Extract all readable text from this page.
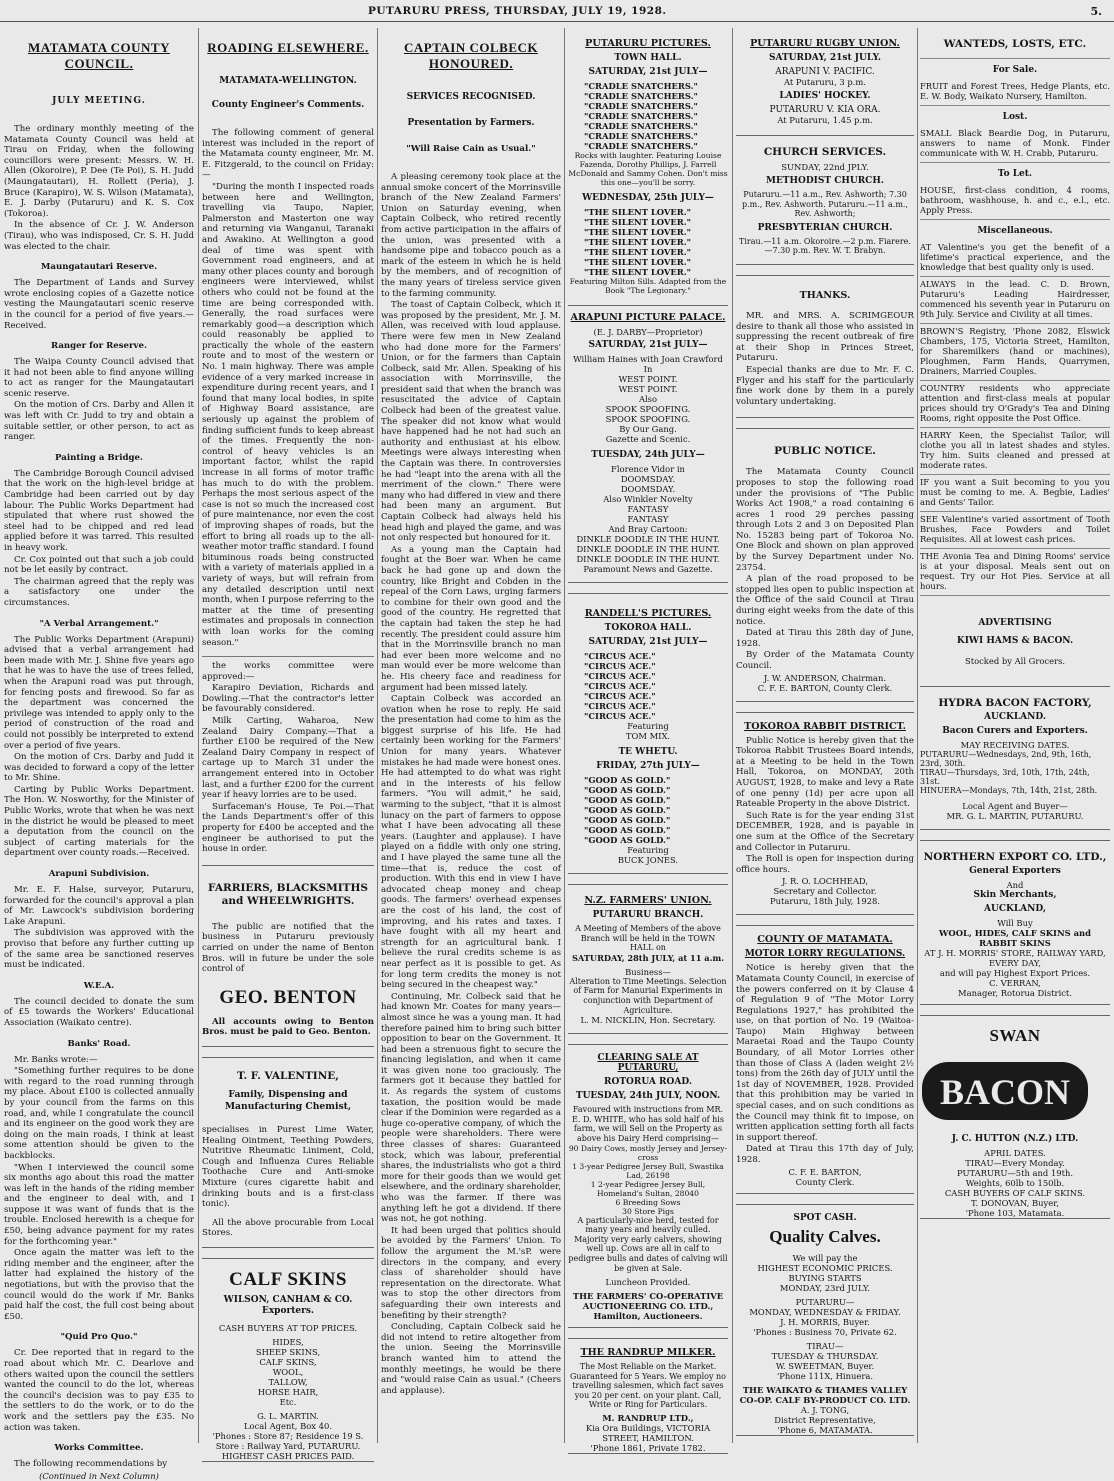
PUTARURU PRESS, THURSDAY, JULY 19, 1928.	5.
MATAMATA COUNTY COUNCIL.
JULY MEETING.

The ordinary monthly meeting of the Matamata County Council was held at Tirau on Friday, when the following councillors were present: Messrs. W. H. Allen (Okoroire), P. Dee (Te Poi), S. H. Judd (Maungatautari), H. Rollett (Peria), J. Bruce (Karapiro), W. S. Wilson (Matamata), E. J. Darby (Putaruru) and K. S. Cox (Tokoroa).

In the absence of Cr. J. W. Anderson (Tirau), who was indisposed, Cr. S. H. Judd was elected to the chair.

Maungatautari Reserve.

The Department of Lands and Survey wrote enclosing copies of a Gazette notice vesting the Maungatautari scenic reserve in the council for a period of five years.—Received.

Ranger for Reserve.

The Waipa County Council advised that it had not been able to find anyone willing to act as ranger for the Maungatautari scenic reserve.

On the motion of Crs. Darby and Allen it was left with Cr. Judd to try and obtain a suitable settler, or other person, to act as ranger.

Painting a Bridge.

The Cambridge Borough Council advised that the work on the high-level bridge at Cambridge had been carried out by day labour. The Public Works Department had stipulated that where rust showed the steel had to be chipped and red lead applied before it was tarred. This resulted in heavy work.

Cr. Cox pointed out that such a job could not be let easily by contract.

The chairman agreed that the reply was a satisfactory one under the circumstances.

"A Verbal Arrangement."

The Public Works Department (Arapuni) advised that a verbal arrangement had been made with Mr. J. Shine five years ago that he was to have the use of trees felled, when the Arapuni road was put through, for fencing posts and firewood. So far as the department was concerned the privilege was intended to apply only to the period of construction of the road and could not possibly be interpreted to extend over a period of five years.

On the motion of Crs. Darby and Judd it was decided to forward a copy of the letter to Mr. Shine.

Carting by Public Works Department. The Hon. W. Nosworthy, for the Minister of Public Works, wrote that when he was next in the district he would be pleased to meet a deputation from the council on the subject of carting materials for the department over county roads.—Received.

Arapuni Subdivision.

Mr. E. F. Halse, surveyor, Putaruru, forwarded for the council's approval a plan of Mr. Lawcock's subdivision bordering Lake Arapuni.

The subdivision was approved with the proviso that before any further cutting up of the same area be sanctioned reserves must be indicated.

W.E.A.

The council decided to donate the sum of £5 towards the Workers' Educational Association (Waikato centre).

Banks' Road.

Mr. Banks wrote:—

"Something further requires to be done with regard to the road running through my place. About £100 is collected annually by your council from the farms on this road, and, while I congratulate the council and its engineer on the good work they are doing on the main roads, I think at least some attention should be given to the backblocks.

"When I interviewed the council some six months ago about this road the matter was left in the hands of the riding member and the engineer to deal with, and I suppose it was want of funds that is the trouble. Enclosed herewith is a cheque for £50, being advance payment for my rates for the forthcoming year."

Once again the matter was left to the riding member and the engineer, after the latter had explained the history of the negotiations, but with the proviso that the council would do the work if Mr. Banks paid half the cost, the full cost being about £50.

"Quid Pro Quo."

Cr. Dee reported that in regard to the road about which Mr. C. Dearlove and others waited upon the council the settlers wanted the council to do the lot, whereas the council's decision was to pay £35 to the settlers to do the work, or to do the work and the settlers pay the £35. No action was taken.

Works Committee.

The following recommendations by

(Continued in Next Column)
ROADING ELSEWHERE.
MATAMATA-WELLINGTON.
County Engineer's Comments.

The following comment of general interest was included in the report of the Matamata county engineer, Mr. M. E. Fitzgerald, to the council on Friday:—

"During the month I inspected roads between here and Wellington, travelling via Taupo, Napier, Palmerston and Masterton one way and returning via Wanganui, Taranaki and Awakino. At Wellington a good deal of time was spent with Government road engineers, and at many other places county and borough engineers were interviewed, whilst others who could not be found at the time are being corresponded with. Generally, the road surfaces were remarkably good—a description which could reasonably be applied to practically the whole of the eastern route and to most of the western or No. 1 main highway. There was ample evidence of a very marked increase in expenditure during recent years, and I found that many local bodies, in spite of Highway Board assistance, are seriously up against the problem of finding sufficient funds to keep abreast of the times. Frequently the non-control of heavy vehicles is an important factor, whilst the rapid increase in all forms of motor traffic has much to do with the problem. Perhaps the most serious aspect of the case is not so much the increased cost of pure maintenance, nor even the cost of improving shapes of roads, but the effort to bring all roads up to the all-weather motor traffic standard. I found bituminous roads being constructed with a variety of materials applied in a variety of ways, but will refrain from any detailed description until next month, when I purpose referring to the matter at the time of presenting estimates and proposals in connection with loan works for the coming season."

the works committee were approved:—

Karapiro Deviation, Richards and Dowling.—That the contractor's letter be favourably considered.

Milk Carting, Waharoa, New Zealand Dairy Company.—That a further £100 be required of the New Zealand Dairy Company in respect of cartage up to March 31 under the arrangement entered into in October last, and a further £200 for the current year if heavy lorries are to be used.

Surfaceman's House, Te Poi.—That the Lands Department's offer of this property for £400 be accepted and the engineer be authorised to put the house in order.

FARRIERS, BLACKSMITHS and WHEELWRIGHTS.

The public are notified that the business in Putaruru previously carried on under the name of Benton Bros. will in future be under the sole control of

GEO. BENTON

All accounts owing to Benton Bros. must be paid to Geo. Benton.

T. F. VALENTINE,
Family, Dispensing and Manufacturing Chemist,

specialises in Purest Lime Water, Healing Ointment, Teething Powders, Nutritive Rheumatic Liniment, Cold, Cough and Influenza Cures Reliable Toothache Cure and Anti-smoke Mixture (cures cigarette habit and drinking bouts and is a first-class tonic).

All the above procurable from Local Stores.

CALF SKINS
WILSON, CANHAM & CO. Exporters.
CASH BUYERS AT TOP PRICES.
HIDES,
SHEEP SKINS,
CALF SKINS,
WOOL,
TALLOW,
HORSE HAIR,
Etc.
G. L. MARTIN.
Local Agent, Box 40.
'Phones : Store 87; Residence 19 S.
Store : Railway Yard, PUTARURU.
HIGHEST CASH PRICES PAID.
CAPTAIN COLBECK HONOURED.
SERVICES RECOGNISED.
Presentation by Farmers.
"Will Raise Cain as Usual."

A pleasing ceremony took place at the annual smoke concert of the Morrinsville branch of the New Zealand Farmers' Union on Saturday evening, when Captain Colbeck, who retired recently from active participation in the affairs of the union, was presented with a handsome pipe and tobacco pouch as a mark of the esteem in which he is held by the members, and of recognition of the many years of tireless service given to the farming community.

The toast of Captain Colbeck, which it was proposed by the president, Mr. J. M. Allen, was received with loud applause. There were few men in New Zealand who had done more for the Farmers' Union, or for the farmers than Captain Colbeck, said Mr. Allen. Speaking of his association with Morrinsville, the president said that when the branch was resuscitated the advice of Captain Colbeck had been of the greatest value. The speaker did not know what would have happened had he not had such an authority and enthusiast at his elbow. Meetings were always interesting when the Captain was there. In controversies he had "leapt into the arena with all the merriment of the clown." There were many who had differed in view and there had been many an argument. But Captain Colbeck had always held his head high and played the game, and was not only respected but honoured for it.

As a young man the Captain had fought at the Boer war. When he came back he had gone up and down the country, like Bright and Cobden in the repeal of the Corn Laws, urging farmers to combine for their own good and the good of the country. He regretted that the captain had taken the step he had recently. The president could assure him that in the Morrinsville branch no man had ever been more welcome and no man would ever be more welcome than he. His cheery face and readiness for argument had been missed lately.

Captain Colbeck was accorded an ovation when he rose to reply. He said the presentation had come to him as the biggest surprise of his life. He had certainly been working for the Farmers' Union for many years. Whatever mistakes he had made were honest ones. He had attempted to do what was right and in the interests of his fellow farmers. "You will admit," he said, warming to the subject, "that it is almost lunacy on the part of farmers to oppose what I have been advocating all these years. (Laughter and applause). I have played on a fiddle with only one string, and I have played the same tune all the time—that is, reduce the cost of production. With this end in view I have advocated cheap money and cheap goods. The farmers' overhead expenses are the cost of his land, the cost of improving, and his rates and taxes. I have fought with all my heart and strength for an agricultural bank. I believe the rural credits scheme is as near perfect as it is possible to get. As for long term credits the money is not being secured in the cheapest way."

Continuing, Mr. Colbeck said that he had known Mr. Coates for many years—almost since he was a young man. It had therefore pained him to bring such bitter opposition to bear on the Government. It had been a strenuous fight to secure the financing legislation, and when it came it was given none too graciously. The farmers got it because they battled for it. As regards the system of customs taxation, the position would be made clear if the Dominion were regarded as a huge co-operative company, of which the people were shareholders. There were three classes of shares: Guaranteed stock, which was labour, preferential shares, the industrialists who got a third more for their goods than we would get elsewhere, and the ordinary shareholder, who was the farmer. If there was anything left he got a dividend. If there was not, he got nothing.

It had been urged that politics should be avoided by the Farmers' Union. To follow the argument the M.'sP. were directors in the company, and every class of shareholder should have representation on the directorate. What was to stop the other directors from safeguarding their own interests and benefiting by their strength?

Concluding, Captain Colbeck said he did not intend to retire altogether from the union. Seeing the Morrinsville branch wanted him to attend the monthly meetings, he would be there and "would raise Cain as usual." (Cheers and applause).

PUTARURU PICTURES.
TOWN HALL.
SATURDAY, 21st JULY—
"CRADLE SNATCHERS."
"CRADLE SNATCHERS."
"CRADLE SNATCHERS."
"CRADLE SNATCHERS."
"CRADLE SNATCHERS."
"CRADLE SNATCHERS."
"CRADLE SNATCHERS."
Rocks with laughter. Featuring Louise Fazenda, Dorothy Phillips, J. Farrell McDonald and Sammy Cohen. Don't miss this one—you'll be sorry.
WEDNESDAY, 25th JULY—
"THE SILENT LOVER."
"THE SILENT LOVER."
"THE SILENT LOVER."
"THE SILENT LOVER."
"THE SILENT LOVER."
"THE SILENT LOVER."
"THE SILENT LOVER."
Featuring Milton Sills. Adapted from the Book "The Legionary."
ARAPUNI PICTURE PALACE.
(E. J. DARBY—Proprietor)
SATURDAY, 21st JULY—
William Haines with Joan Crawford In
WEST POINT.
WEST POINT.
Also
SPOOK SPOOFING.
SPOOK SPOOFING.
By Our Gang.
Gazette and Scenic.
TUESDAY, 24th JULY—
Florence Vidor in
DOOMSDAY.
DOOMSDAY.
Also Winkler Novelty
FANTASY
FANTASY
And Bray Cartoon:
DINKLE DOODLE IN THE HUNT.
DINKLE DOODLE IN THE HUNT.
DINKLE DOODLE IN THE HUNT.
Paramount News and Gazette.
RANDELL'S PICTURES.
TOKOROA HALL.
SATURDAY, 21st JULY—
"CIRCUS ACE."
"CIRCUS ACE."
"CIRCUS ACE."
"CIRCUS ACE."
"CIRCUS ACE."
"CIRCUS ACE."
"CIRCUS ACE."
Featuring
TOM MIX.
TE WHETU.
FRIDAY, 27th JULY—
"GOOD AS GOLD."
"GOOD AS GOLD."
"GOOD AS GOLD."
"GOOD AS GOLD."
"GOOD AS GOLD."
"GOOD AS GOLD."
"GOOD AS GOLD."
Featuring
BUCK JONES.
N.Z. FARMERS' UNION.
PUTARURU BRANCH.
A Meeting of Members of the above Branch will be held in the TOWN HALL on
SATURDAY, 28th JULY, at 11 a.m.
Business—
Alteration to Time Meetings. Selection of Farm for Manurial Experiments in conjunction with Department of Agriculture.
L. M. NICKLIN, Hon. Secretary.
CLEARING SALE AT PUTARURU,
ROTORUA ROAD.
TUESDAY, 24th JULY, NOON.
Favoured with instructions from MR. E. D. WHITE, who has sold half of his farm, we will Sell on the Property as above his Dairy Herd comprising—
90 Dairy Cows, mostly Jersey and Jersey-cross
1 3-year Pedigree Jersey Bull, Swastika Lad, 26198
1 2-year Pedigree Jersey Bull, Homeland's Sultan, 28040
6 Breeding Sows
30 Store Pigs
A particularly-nice herd, tested for many years and heavily culled. Majority very early calvers, showing well up. Cows are all in calf to pedigree bulls and dates of calving will be given at Sale.
Luncheon Provided.
THE FARMERS' CO-OPERATIVE AUCTIONEERING CO. LTD., Hamilton, Auctioneers.
THE RANDRUP MILKER.
The Most Reliable on the Market. Guaranteed for 5 Years. We employ no travelling salesmen, which fact saves you 20 per cent. on your plant. Call, Write or Ring for Particulars.
M. RANDRUP LTD.,
Kia Ora Buildings, VICTORIA STREET, HAMILTON.
'Phone 1861, Private 1782.
PUTARURU RUGBY UNION.
SATURDAY, 21st JULY.
ARAPUNI V. PACIFIC.
At Putaruru, 3 p.m.
LADIES' HOCKEY.
PUTARURU V. KIA ORA.
At Putaruru, 1.45 p.m.
CHURCH SERVICES.
SUNDAY, 22nd JPLY.
METHODIST CHURCH.
Putaruru.—11 a.m., Rev. Ashworth; 7.30 p.m., Rev. Ashworth. Putaruru.—11 a.m., Rev. Ashworth;
PRESBYTERIAN CHURCH.
Tirau.—11 a.m. Okoroire.—2 p.m. Fiarere.—7.30 p.m. Rev. W. T. Brabyn.
THANKS.

MR. and MRS. A. SCRIMGEOUR desire to thank all those who assisted in suppressing the recent outbreak of fire at their Shop in Princes Street, Putaruru.

Especial thanks are due to Mr. F. C. Flyger and his staff for the particularly fine work done by them in a purely voluntary undertaking.

PUBLIC NOTICE.

The Matamata County Council proposes to stop the following road under the provisions of "The Public Works Act 1908," a road containing 6 acres 1 rood 29 perches passing through Lots 2 and 3 on Deposited Plan No. 15283 being part of Tokoroa No. One Block and shown on plan approved by the Survey Department under No. 23754.

A plan of the road proposed to be stopped lies open to public inspection at the Office of the said Council at Tirau during eight weeks from the date of this notice.

Dated at Tirau this 28th day of June, 1928.

By Order of the Matamata County Council.

J. W. ANDERSON, Chairman.
C. F. E. BARTON, County Clerk.
TOKOROA RABBIT DISTRICT.

Public Notice is hereby given that the Tokoroa Rabbit Trustees Board intends, at a Meeting to be held in the Town Hall, Tokoroa, on MONDAY, 20th AUGUST, 1928, to make and levy a Rate of one penny (1d) per acre upon all Rateable Property in the above District.

Such Rate is for the year ending 31st DECEMBER, 1928, and is payable in one sum at the Office of the Secretary and Collector in Putaruru.

The Roll is open for inspection during office hours.

J. R. O. LOCHHEAD,
Secretary and Collector.
Putaruru, 18th July, 1928.
COUNTY OF MATAMATA.
MOTOR LORRY REGULATIONS.

Notice is hereby given that the Matamata County Council, in exercise of the powers conferred on it by Clause 4 of Regulation 9 of "The Motor Lorry Regulations 1927," has prohibited the use, on that portion of No. 19 (Waitoa-Taupo) Main Highway between Maraetai Road and the Taupo County Boundary, of all Motor Lorries other than those of Class A (laden weight 2½ tons) from the 26th day of JULY until the 1st day of NOVEMBER, 1928. Provided that this prohibition may be varied in special cases, and on such conditions as the Council may think fit to impose, on written application setting forth all facts in support thereof.

Dated at Tirau this 17th day of July, 1928.

C. F. E. BARTON,
County Clerk.
SPOT CASH.
Quality Calves.
We will pay the
HIGHEST ECONOMIC PRICES.
BUYING STARTS
MONDAY, 23rd JULY.
PUTARURU—
MONDAY, WEDNESDAY & FRIDAY.
J. H. MORRIS, Buyer.
'Phones : Business 70, Private 62.
TIRAU—
TUESDAY & THURSDAY.
W. SWEETMAN, Buyer.
'Phone 111X, Hinuera.
THE WAIKATO & THAMES VALLEY CO-OP. CALF BY-PRODUCT CO. LTD.
A. J. TONG,
District Representative,
'Phone 6, MATAMATA.
WANTEDS, LOSTS, ETC.
For Sale.
FRUIT and Forest Trees, Hedge Plants, etc. E. W. Body, Waikato Nursery, Hamilton.
Lost.
SMALL Black Beardie Dog, in Putaruru, answers to name of Monk. Finder communicate with W. H. Crabb, Putaruru.
To Let.
HOUSE, first-class condition, 4 rooms, bathroom, washhouse, h. and c., e.l., etc. Apply Press.
Miscellaneous.
AT Valentine's you get the benefit of a lifetime's practical experience, and the knowledge that best quality only is used.
ALWAYS in the lead. C. D. Brown, Putaruru's Leading Hairdresser, commenced his seventh year in Putaruru on 9th July. Service and Civility at all times.
BROWN'S Registry, 'Phone 2082, Elswick Chambers, 175, Victoria Street, Hamilton, for Sharemilkers (hand or machines), Ploughmen, Farm Hands, Quarrymen, Drainers, Married Couples.
COUNTRY residents who appreciate attention and first-class meals at popular prices should try O'Grady's Tea and Dining Rooms, right opposite the Post Office.
HARRY Keen, the Specialist Tailor, will clothe you all in latest shades and styles. Try him. Suits cleaned and pressed at moderate rates.
IF you want a Suit becoming to you you must be coming to me. A. Begbie, Ladies' and Gents' Tailor.
SEE Valentine's varied assortment of Tooth Brushes, Face Powders and Toilet Requisites. All at lowest cash prices.
THE Avonia Tea and Dining Rooms' service is at your disposal. Meals sent out on request. Try our Hot Pies. Service at all hours.
ADVERTISING
KIWI HAMS & BACON.
Stocked by All Grocers.
HYDRA BACON FACTORY,
AUCKLAND.
Bacon Curers and Exporters.
MAY RECEIVING DATES.
PUTARURU—Wednesdays, 2nd, 9th, 16th, 23rd, 30th.
TIRAU—Thursdays, 3rd, 10th, 17th, 24th, 31st.
HINUERA—Mondays, 7th, 14th, 21st, 28th.
Local Agent and Buyer—
MR. G. L. MARTIN, PUTARURU.
NORTHERN EXPORT CO. LTD.,
General Exporters
And
Skin Merchants,
AUCKLAND,
Will Buy
WOOL, HIDES, CALF SKINS and RABBIT SKINS
AT J. H. MORRIS' STORE, RAILWAY YARD, EVERY DAY,
and will pay Highest Export Prices.
C. VERRAN,
Manager, Rotorua District.
SWAN
BACON
J. C. HUTTON (N.Z.) LTD.
APRIL DATES.
TIRAU—Every Monday.
PUTARURU—5th and 19th.
Weights, 60lb to 150lb.
CASH BUYERS OF CALF SKINS.
T. DONOVAN, Buyer,
'Phone 103, Matamata.
